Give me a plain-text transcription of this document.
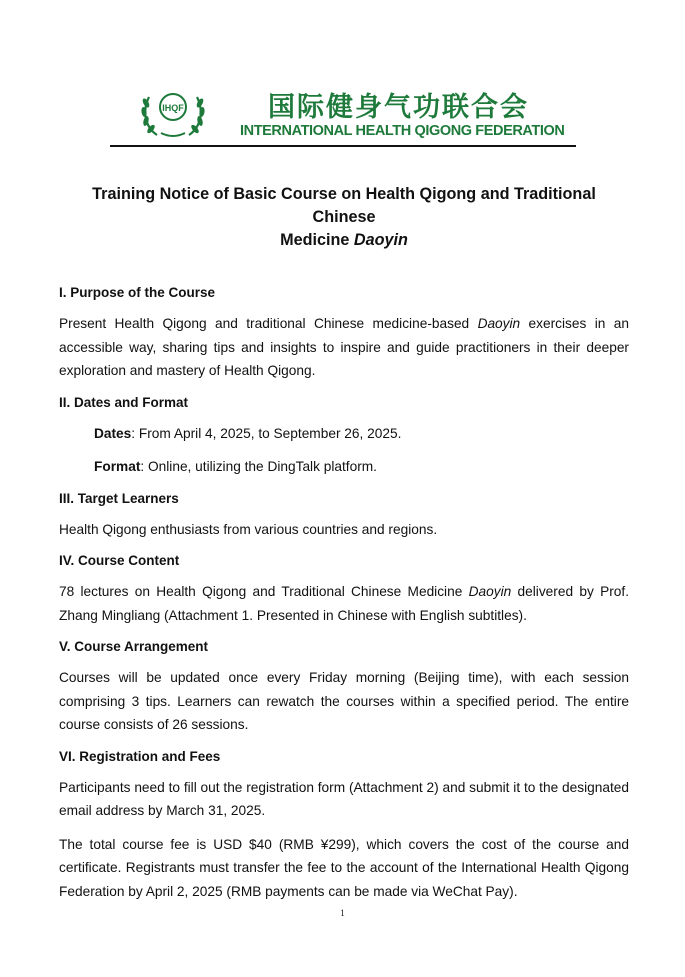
IHQF	国际健身气功联合会
INTERNATIONAL HEALTH QIGONG FEDERATION
Training Notice of Basic Course on Health Qigong and Traditional Chinese
Medicine Daoyin
I. Purpose of the Course

Present Health Qigong and traditional Chinese medicine-based Daoyin exercises in an accessible way, sharing tips and insights to inspire and guide practitioners in their deeper exploration and mastery of Health Qigong.

II. Dates and Format

Dates: From April 4, 2025, to September 26, 2025.

Format: Online, utilizing the DingTalk platform.

III. Target Learners

Health Qigong enthusiasts from various countries and regions.

IV. Course Content

78 lectures on Health Qigong and Traditional Chinese Medicine Daoyin delivered by Prof. Zhang Mingliang (Attachment 1. Presented in Chinese with English subtitles).

V. Course Arrangement

Courses will be updated once every Friday morning (Beijing time), with each session comprising 3 tips. Learners can rewatch the courses within a specified period. The entire course consists of 26 sessions.

VI. Registration and Fees

Participants need to fill out the registration form (Attachment 2) and submit it to the designated email address by March 31, 2025.

The total course fee is USD $40 (RMB ¥299), which covers the cost of the course and certificate. Registrants must transfer the fee to the account of the International Health Qigong Federation by April 2, 2025 (RMB payments can be made via WeChat Pay).

1
